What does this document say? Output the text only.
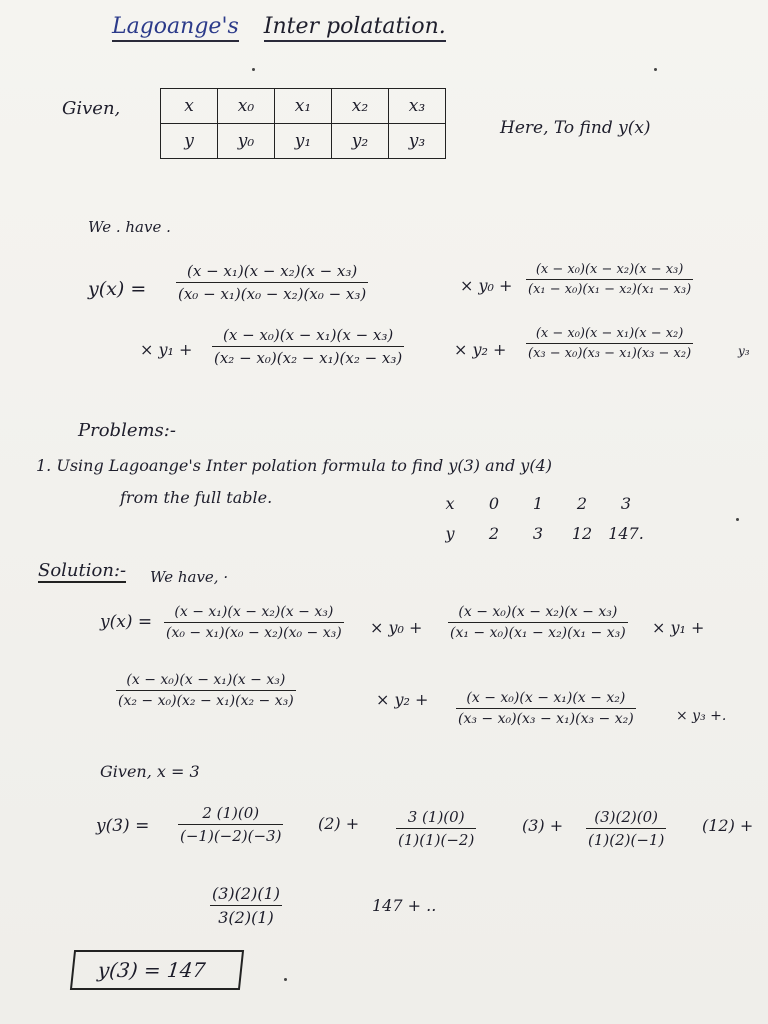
Lagoange's Inter polatation.
Given,	x	x₀	x₁	x₂	x₃
y	y₀	y₁	y₂	y₃
Here, To find y(x)
We . have .
$y(x) = \frac{\text{(x − x₁)(x − x₂)(x − x₃)}}{\text{(x₀ − x₁)(x₀ − x₂)(x₀ − x₃)}}$	× $y_0 + \frac{\text{(x − x₀)(x − x₂)(x − x₃)}}{\text{(x₁ − x₀)(x₁ − x₂)(x₁ − x₃)}}$
× $y_1 + \frac{\text{(x − x₀)(x − x₁)(x − x₃)}}{\text{(x₂ − x₀)(x₂ − x₁)(x₂ − x₃)}}$	× $y_2 + \frac{\text{(x − x₀)(x − x₁)(x − x₂)}}{\text{(x₃ − x₀)(x₃ − x₁)(x₃ − x₂)}}$	y₃
Problems:-
1. Using Lagoange's Inter polation formula to find y(3) and y(4)
from the full table.	x	0	1	2	3
y	2	3	12	147.
Solution:- We have, ·
$y(x) = \frac{\text{(x − x₁)(x − x₂)(x − x₃)}}{\text{(x₀ − x₁)(x₀ − x₂)(x₀ − x₃)}} \times y_0 + \frac{\text{(x − x₀)(x − x₂)(x − x₃)}}{\text{(x₁ − x₀)(x₁ − x₂)(x₁ − x₃)}} \times y_1$ +
$\frac{\text{(x − x₀)(x − x₁)(x − x₃)}}{\text{(x₂ − x₀)(x₂ − x₁)(x₂ − x₃)}}$	× $y_2 + \frac{\text{(x − x₀)(x − x₁)(x − x₂)}}{\text{(x₃ − x₀)(x₃ − x₁)(x₃ − x₂)}}$	× y₃ +.
Given, x = 3
$y(3) = \frac{2 (1)(0)}{(-1)(-2)(-3)} (2) + \frac{3 (1)(0)}{(1)(1)(-2)}$	$(3) + \frac{(3)(2)(0)}{(1)(2)(-1)} (12)$ +
$\frac{(3)(2)(1)}{3(2)(1)}$	147 + ..
y(3) = 147
